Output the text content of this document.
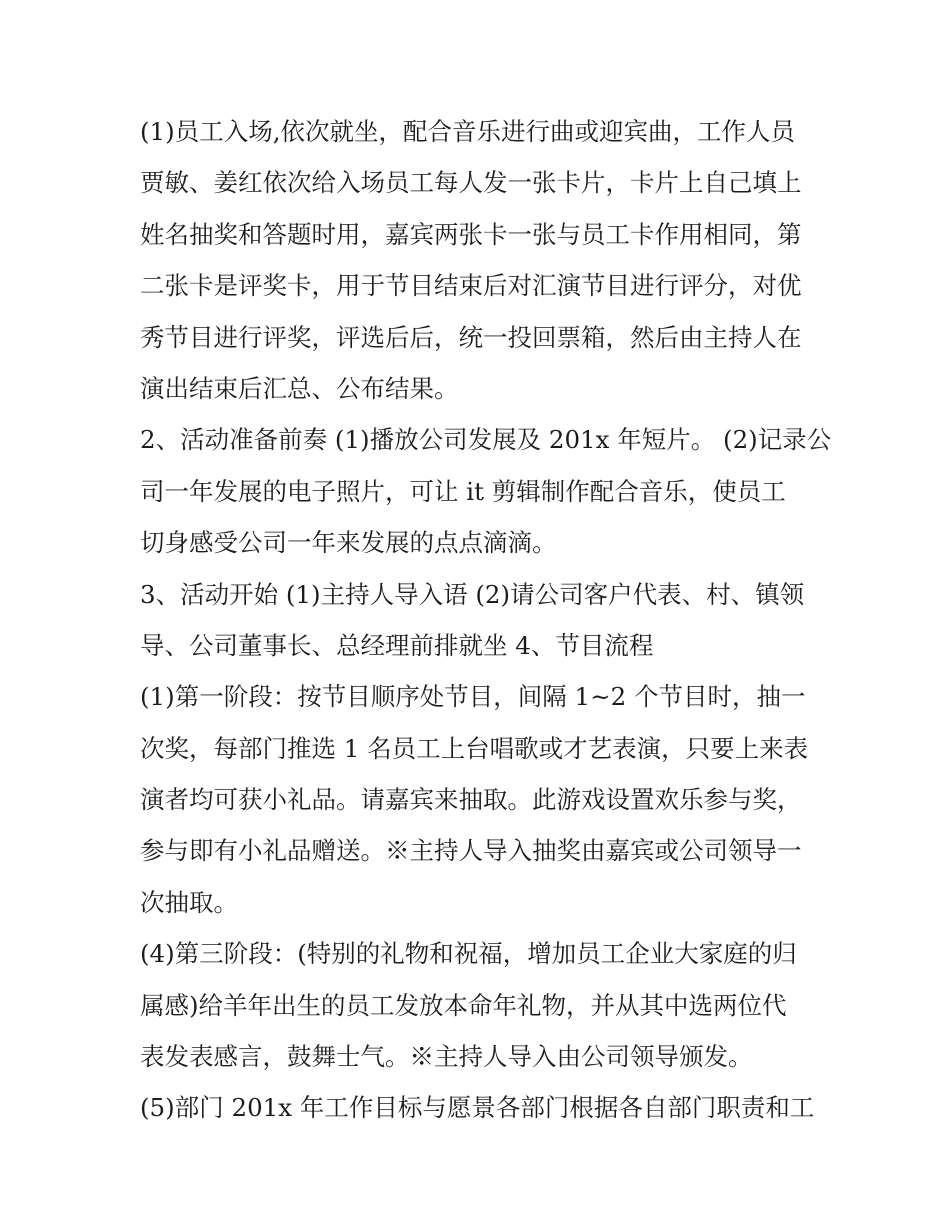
(1)员工入场,依次就坐，配合音乐进行曲或迎宾曲，工作人员
贾敏、姜红依次给入场员工每人发一张卡片，卡片上自己填上
姓名抽奖和答题时用，嘉宾两张卡一张与员工卡作用相同，第
二张卡是评奖卡，用于节目结束后对汇演节目进行评分，对优
秀节目进行评奖，评选后后，统一投回票箱，然后由主持人在
演出结束后汇总、公布结果。
2、活动准备前奏 (1)播放公司发展及 201x 年短片。 (2)记录公
司一年发展的电子照片，可让 it 剪辑制作配合音乐，使员工
切身感受公司一年来发展的点点滴滴。
3、活动开始 (1)主持人导入语 (2)请公司客户代表、村、镇领
导、公司董事长、总经理前排就坐 4、节目流程
(1)第一阶段：按节目顺序处节目，间隔 1~2 个节目时，抽一
次奖，每部门推选 1 名员工上台唱歌或才艺表演，只要上来表
演者均可获小礼品。请嘉宾来抽取。此游戏设置欢乐参与奖，
参与即有小礼品赠送。※主持人导入抽奖由嘉宾或公司领导一
次抽取。
(4)第三阶段：(特别的礼物和祝福，增加员工企业大家庭的归
属感)给羊年出生的员工发放本命年礼物，并从其中选两位代
表发表感言，鼓舞士气。※主持人导入由公司领导颁发。
(5)部门 201x 年工作目标与愿景各部门根据各自部门职责和工
